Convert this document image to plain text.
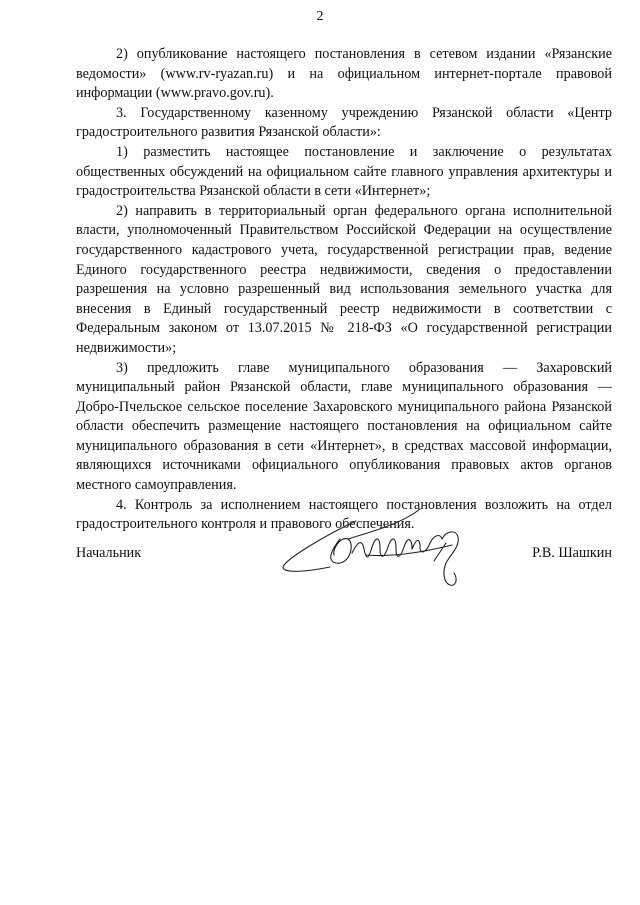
2

2) опубликование настоящего постановления в сетевом издании «Рязанские ведомости» (www.rv-ryazan.ru) и на официальном интернет-портале правовой информации (www.pravo.gov.ru).

3. Государственному казенному учреждению Рязанской области «Центр градостроительного развития Рязанской области»:

1) разместить настоящее постановление и заключение о результатах общественных обсуждений на официальном сайте главного управления архитектуры и градостроительства Рязанской области в сети «Интернет»;

2) направить в территориальный орган федерального органа исполнительной власти, уполномоченный Правительством Российской Федерации на осуществление государственного кадастрового учета, государственной регистрации прав, ведение Единого государственного реестра недвижимости, сведения о предоставлении разрешения на условно разрешенный вид использования земельного участка для внесения в Единый государственный реестр недвижимости в соответствии с Федеральным законом от 13.07.2015 № 218-ФЗ «О государственной регистрации недвижимости»;

3) предложить главе муниципального образования — Захаровский муниципальный район Рязанской области, главе муниципального образования — Добро-Пчельское сельское поселение Захаровского муниципального района Рязанской области обеспечить размещение настоящего постановления на официальном сайте муниципального образования в сети «Интернет», в средствах массовой информации, являющихся источниками официального опубликования правовых актов органов местного самоуправления.

4. Контроль за исполнением настоящего постановления возложить на отдел градостроительного контроля и правового обеспечения.

Начальник	Р.В. Шашкин
